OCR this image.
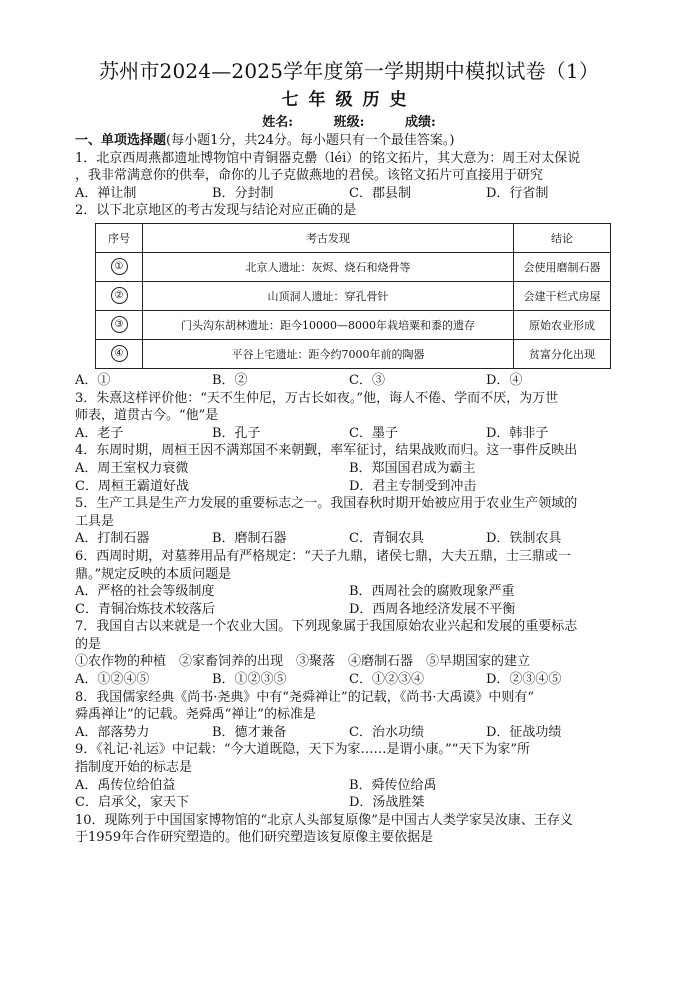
苏州市2024—2025学年度第一学期期中模拟试卷（1）
七年级历史
姓名:	班级:	成绩:
一、单项选择题(每小题1分，共24分。每小题只有一个最佳答案。)
1．北京西周燕都遗址博物馆中青铜器克罍（léi）的铭文拓片，其大意为：周王对太保说
，我非常满意你的供奉，命你的儿子克做燕地的君侯。该铭文拓片可直接用于研究
A．禅让制	B．分封制	C．郡县制	D．行省制
2．以下北京地区的考古发现与结论对应正确的是
序号	考古发现	结论
①	北京人遗址：灰烬、烧石和烧骨等	会使用磨制石器
②	山顶洞人遗址：穿孔骨针	会建干栏式房屋
③	门头沟东胡林遗址：距今10000—8000年栽培粟和黍的遗存	原始农业形成
④	平谷上宅遗址：距今约7000年前的陶器	贫富分化出现
A．①	B．②	C．③	D．④
3．朱熹这样评价他：“天不生仲尼，万古长如夜。”他，诲人不倦、学而不厌，为万世
师表，道贯古今。“他”是
A．老子	B．孔子	C．墨子	D．韩非子
4．东周时期，周桓王因不满郑国不来朝觐，率军征讨，结果战败而归。这一事件反映出
A．周王室权力衰微	B．郑国国君成为霸主
C．周桓王霸道好战	D．君主专制受到冲击
5．生产工具是生产力发展的重要标志之一。我国春秋时期开始被应用于农业生产领域的
工具是
A．打制石器	B．磨制石器	C．青铜农具	D．铁制农具
6．西周时期，对墓葬用品有严格规定：“天子九鼎，诸侯七鼎，大夫五鼎，士三鼎或一
鼎。”规定反映的本质问题是
A．严格的社会等级制度	B．西周社会的腐败现象严重
C．青铜冶炼技术较落后	D．西周各地经济发展不平衡
7．我国自古以来就是一个农业大国。下列现象属于我国原始农业兴起和发展的重要标志
的是
①农作物的种植　②家畜饲养的出现　③聚落　④磨制石器　⑤早期国家的建立
A．①②④⑤	B．①②③⑤	C．①②③④	D．②③④⑤
8．我国儒家经典《尚书·尧典》中有“尧舜禅让”的记载，《尚书·大禹谟》中则有“
舜禹禅让”的记载。尧舜禹“禅让”的标准是
A．部落势力	B．德才兼备	C．治水功绩	D．征战功绩
9．《礼记·礼运》中记载：“今大道既隐，天下为家……是谓小康。”“天下为家”所
指制度开始的标志是
A．禹传位给伯益	B．舜传位给禹
C．启承父，家天下	D．汤战胜桀
10．现陈列于中国国家博物馆的“北京人头部复原像”是中国古人类学家吴汝康、王存义
于1959年合作研究塑造的。他们研究塑造该复原像主要依据是
